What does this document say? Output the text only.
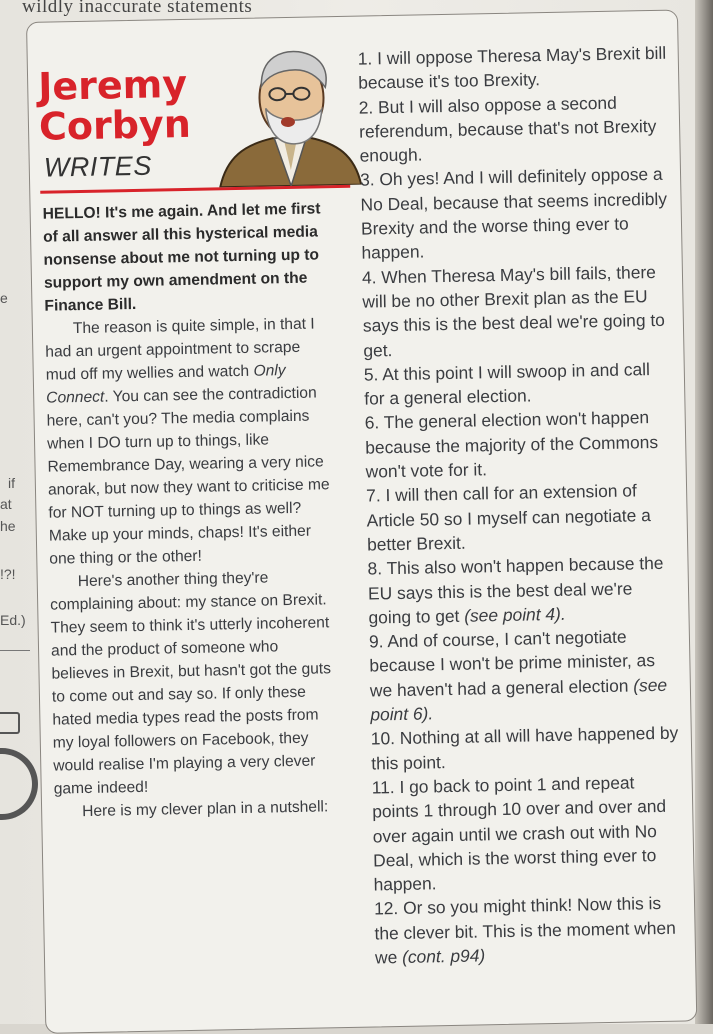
wildly inaccurate statements
e
if
at
he
!?!
Ed.)
Jeremy
Corbyn
WRITES

HELLO! It's me again. And let me first of all answer all this hysterical media nonsense about me not turning up to support my own amendment on the Finance Bill.

The reason is quite simple, in that I had an urgent appointment to scrape mud off my wellies and watch Only Connect. You can see the contradiction here, can't you? The media complains when I DO turn up to things, like Remembrance Day, wearing a very nice anorak, but now they want to criticise me for NOT turning up to things as well? Make up your minds, chaps! It's either one thing or the other!

Here's another thing they're complaining about: my stance on Brexit. They seem to think it's utterly incoherent and the product of someone who believes in Brexit, but hasn't got the guts to come out and say so. If only these hated media types read the posts from my loyal followers on Facebook, they would realise I'm playing a very clever game indeed!

Here is my clever plan in a nutshell:

1. I will oppose Theresa May's Brexit bill because it's too Brexity.

2. But I will also oppose a second referendum, because that's not Brexity enough.

3. Oh yes! And I will definitely oppose a No Deal, because that seems incredibly Brexity and the worse thing ever to happen.

4. When Theresa May's bill fails, there will be no other Brexit plan as the EU says this is the best deal we're going to get.

5. At this point I will swoop in and call for a general election.

6. The general election won't happen because the majority of the Commons won't vote for it.

7. I will then call for an extension of Article 50 so I myself can negotiate a better Brexit.

8. This also won't happen because the EU says this is the best deal we're going to get (see point 4).

9. And of course, I can't negotiate because I won't be prime minister, as we haven't had a general election (see point 6).

10. Nothing at all will have happened by this point.

11. I go back to point 1 and repeat points 1 through 10 over and over and over again until we crash out with No Deal, which is the worst thing ever to happen.

12. Or so you might think! Now this is the clever bit. This is the moment when we (cont. p94)
